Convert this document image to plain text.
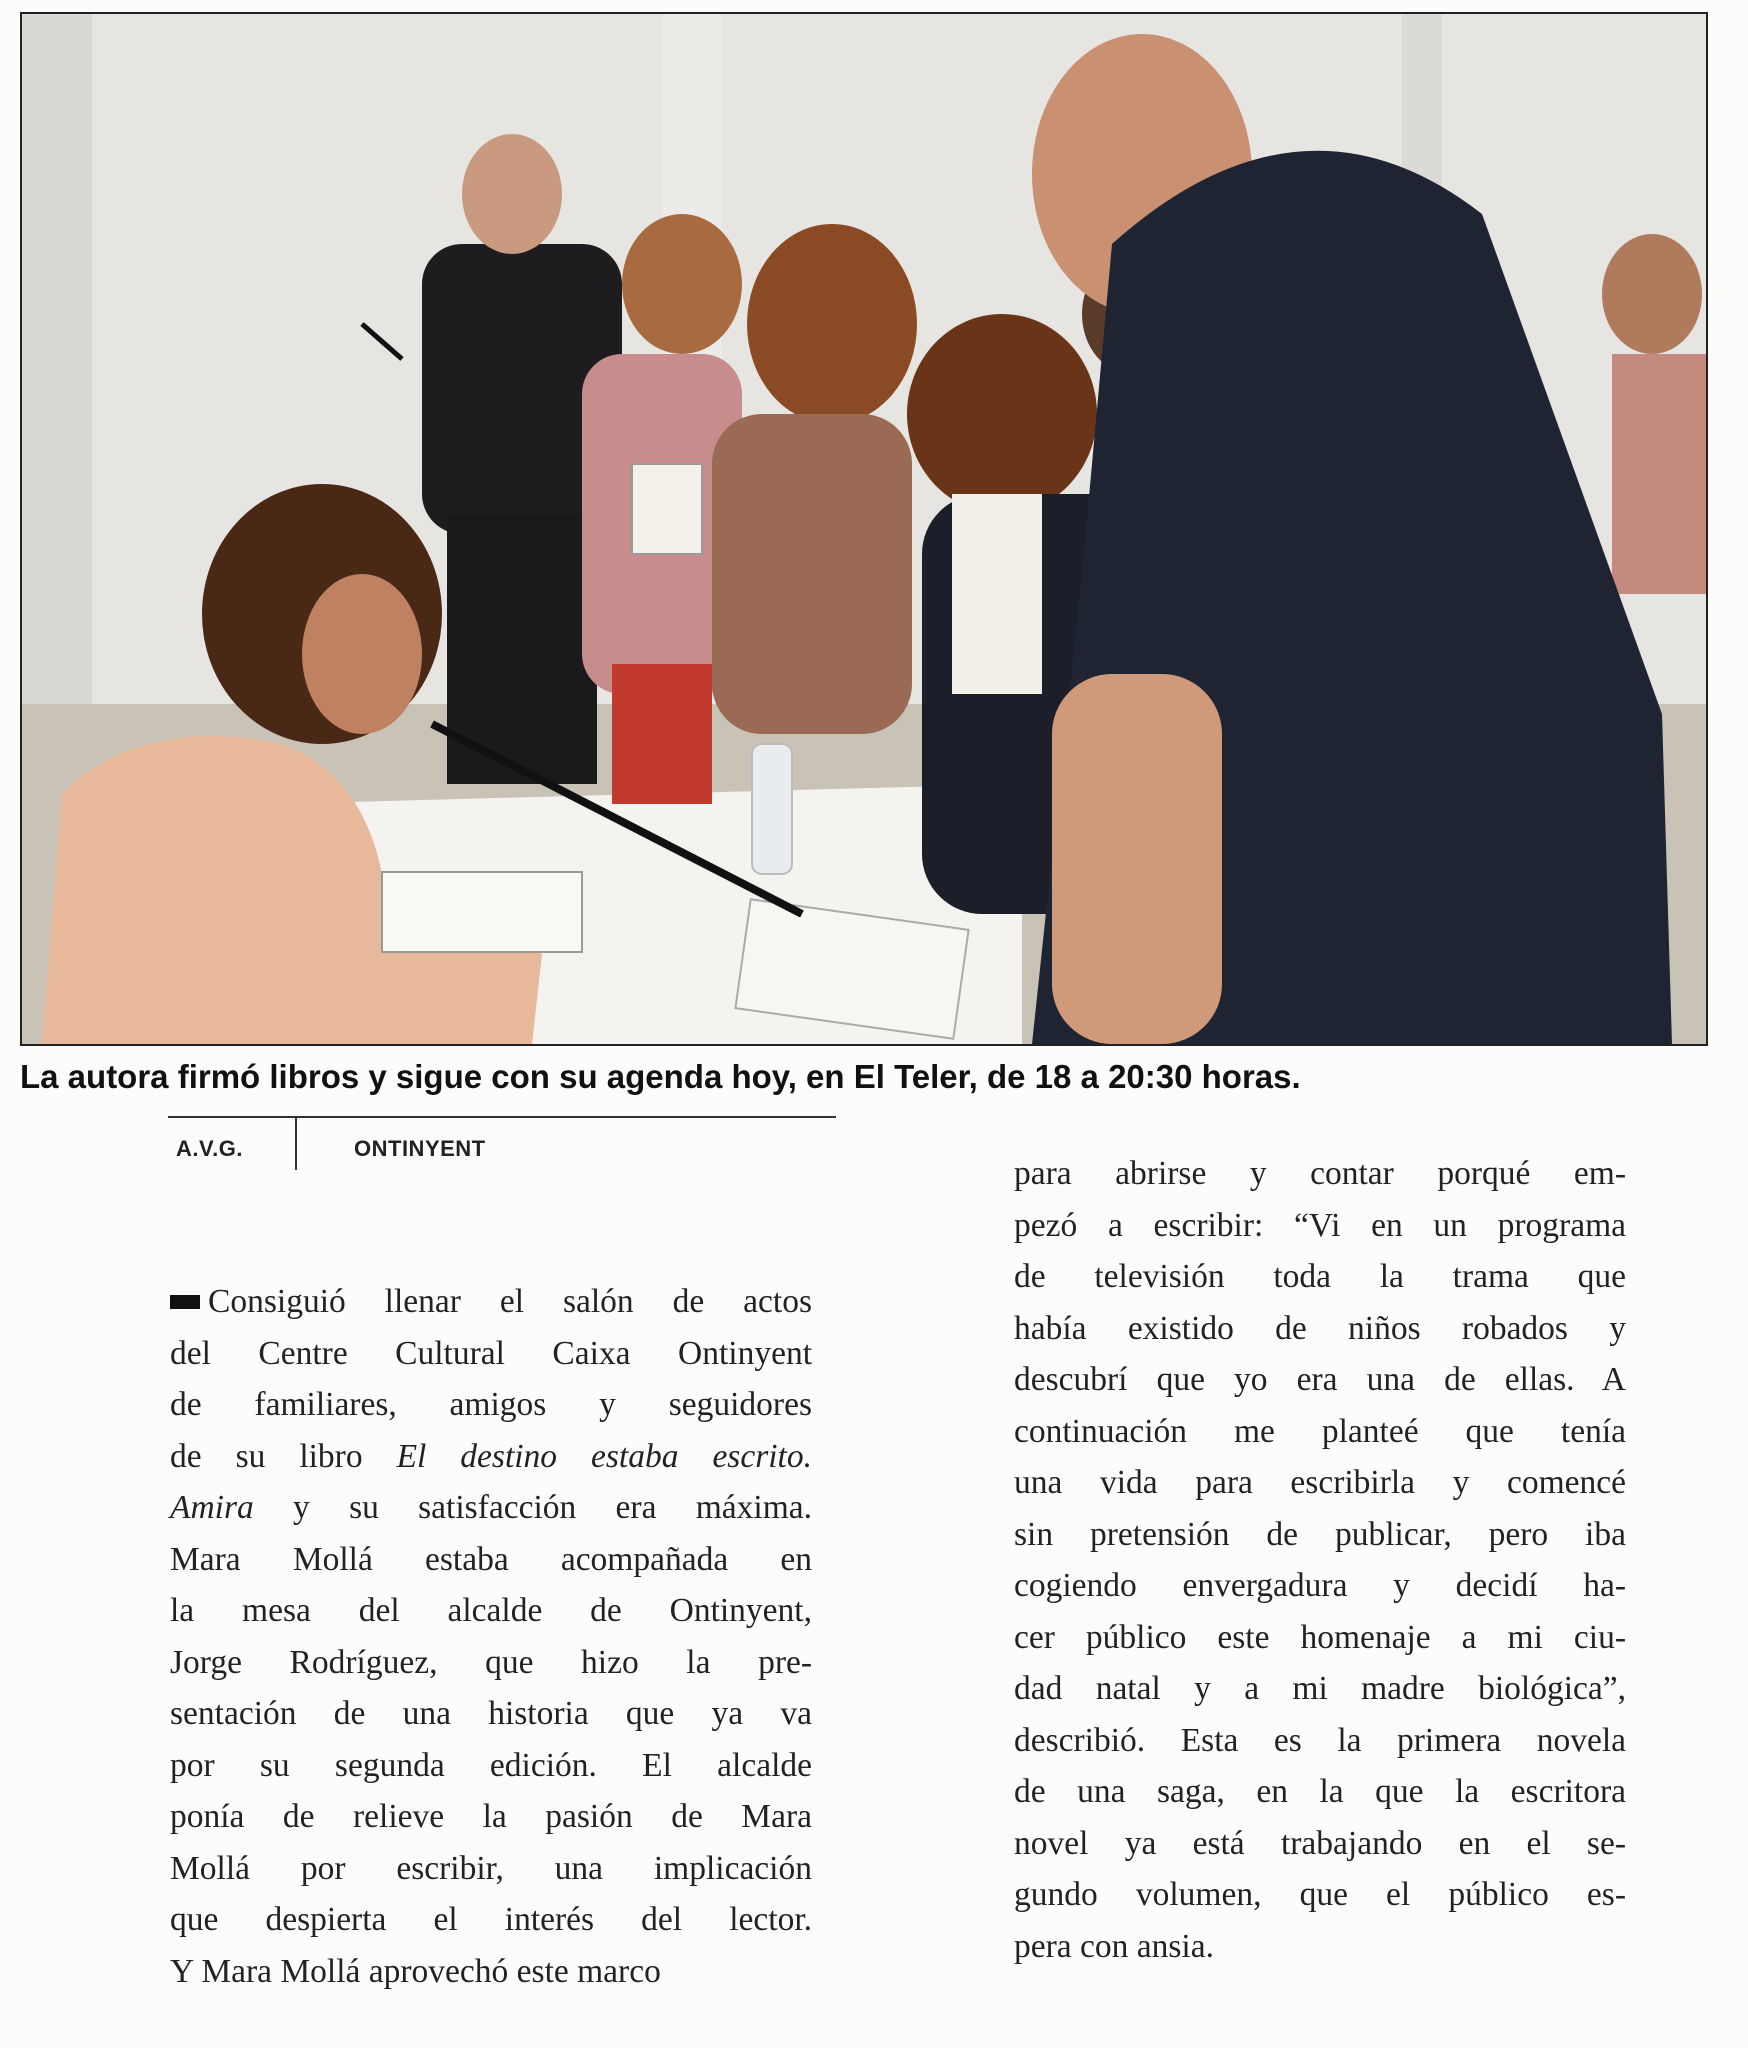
La autora firmó libros y sigue con su agenda hoy, en El Teler, de 18 a 20:30 horas.
A.V.G.	ONTINYENT
Consiguió llenar el salón de actos
del Centre Cultural Caixa Ontinyent
de familiares, amigos y seguidores
de su libro El destino estaba escrito.
Amira y su satisfacción era máxima.
Mara Mollá estaba acompañada en
la mesa del alcalde de Ontinyent,
Jorge Rodríguez, que hizo la pre-
sentación de una historia que ya va
por su segunda edición. El alcalde
ponía de relieve la pasión de Mara
Mollá por escribir, una implicación
que despierta el interés del lector.
Y Mara Mollá aprovechó este marco
para abrirse y contar porqué em-
pezó a escribir: “Vi en un programa
de televisión toda la trama que
había existido de niños robados y
descubrí que yo era una de ellas. A
continuación me planteé que tenía
una vida para escribirla y comencé
sin pretensión de publicar, pero iba
cogiendo envergadura y decidí ha-
cer público este homenaje a mi ciu-
dad natal y a mi madre biológica”,
describió. Esta es la primera novela
de una saga, en la que la escritora
novel ya está trabajando en el se-
gundo volumen, que el público es-
pera con ansia.
